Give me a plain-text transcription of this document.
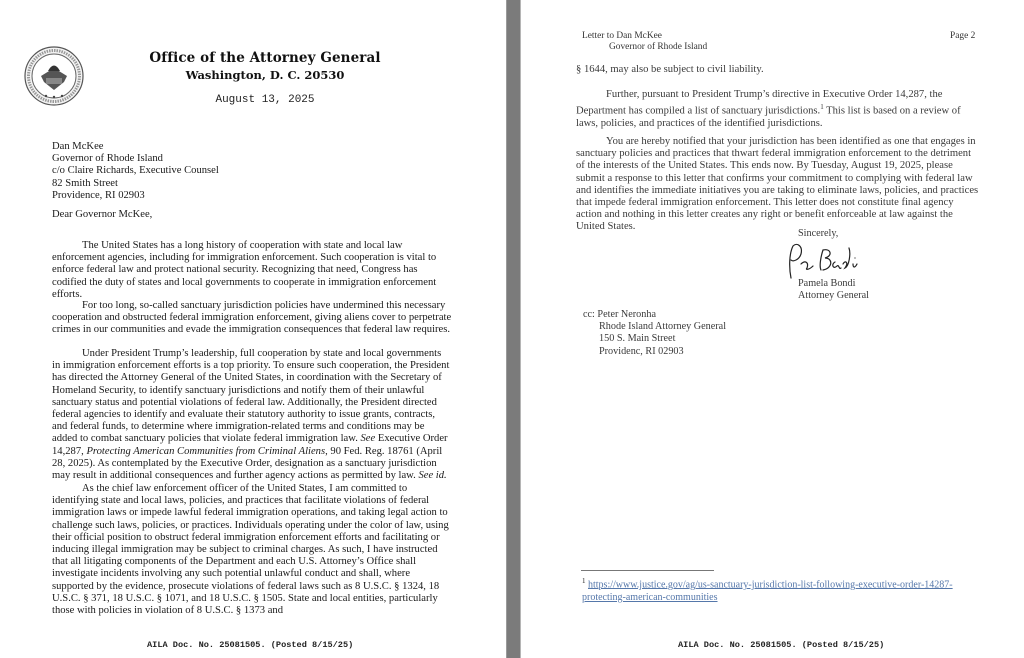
Office of the Attorney General
Washington, D. C. 20530
August 13, 2025
Dan McKee
Governor of Rhode Island
c/o Claire Richards, Executive Counsel
82 Smith Street
Providence, RI 02903
Dear Governor McKee,
The United States has a long history of cooperation with state and local law enforcement agencies, including for immigration enforcement. Such cooperation is vital to enforce federal law and protect national security. Recognizing that need, Congress has codified the duty of states and local governments to cooperate in immigration enforcement efforts.
For too long, so-called sanctuary jurisdiction policies have undermined this necessary cooperation and obstructed federal immigration enforcement, giving aliens cover to perpetrate crimes in our communities and evade the immigration consequences that federal law requires.
Under President Trump’s leadership, full cooperation by state and local governments in immigration enforcement efforts is a top priority. To ensure such cooperation, the President has directed the Attorney General of the United States, in coordination with the Secretary of Homeland Security, to identify sanctuary jurisdictions and notify them of their unlawful sanctuary status and potential violations of federal law. Additionally, the President directed federal agencies to identify and evaluate their statutory authority to issue grants, contracts, and federal funds, to determine where immigration-related terms and conditions may be added to combat sanctuary policies that violate federal immigration law. See Executive Order 14,287, Protecting American Communities from Criminal Aliens, 90 Fed. Reg. 18761 (April 28, 2025). As contemplated by the Executive Order, designation as a sanctuary jurisdiction may result in additional consequences and further agency actions as permitted by law. See id.
As the chief law enforcement officer of the United States, I am committed to identifying state and local laws, policies, and practices that facilitate violations of federal immigration laws or impede lawful federal immigration operations, and taking legal action to challenge such laws, policies, or practices. Individuals operating under the color of law, using their official position to obstruct federal immigration enforcement efforts and facilitating or inducing illegal immigration may be subject to criminal charges. As such, I have instructed that all litigating components of the Department and each U.S. Attorney’s Office shall investigate incidents involving any such potential unlawful conduct and shall, where supported by the evidence, prosecute violations of federal laws such as 8 U.S.C. § 1324, 18 U.S.C. § 371, 18 U.S.C. § 1071, and 18 U.S.C. § 1505. State and local entities, particularly those with policies in violation of 8 U.S.C. § 1373 and
AILA Doc. No. 25081505. (Posted 8/15/25)
Letter to Dan McKee
Governor of Rhode Island
Page 2
§ 1644, may also be subject to civil liability.
Further, pursuant to President Trump’s directive in Executive Order 14,287, the Department has compiled a list of sanctuary jurisdictions.$^1$ This list is based on a review of laws, policies, and practices of the identified jurisdictions.
You are hereby notified that your jurisdiction has been identified as one that engages in sanctuary policies and practices that thwart federal immigration enforcement to the detriment of the interests of the United States. This ends now. By Tuesday, August 19, 2025, please submit a response to this letter that confirms your commitment to complying with federal law and identifies the immediate initiatives you are taking to eliminate laws, policies, and practices that impede federal immigration enforcement. This letter does not constitute final agency action and nothing in this letter creates any right or benefit enforceable at law against the United States.
Sincerely,
Pamela Bondi
Attorney General
cc: Peter Neronha
Rhode Island Attorney General
150 S. Main Street
Providenc, RI 02903
$^1$ https://www.justice.gov/ag/us-sanctuary-jurisdiction-list-following-executive-order-14287-protecting-american-communities
AILA Doc. No. 25081505. (Posted 8/15/25)
